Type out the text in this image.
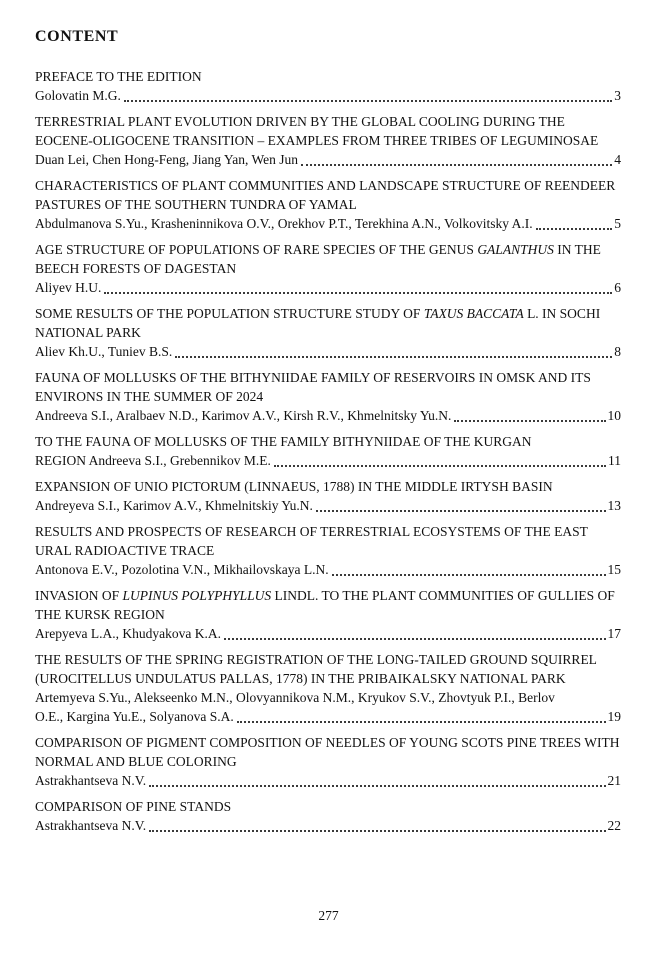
CONTENT
PREFACE TO THE EDITION
Golovatin M.G.	3
TERRESTRIAL PLANT EVOLUTION DRIVEN BY THE GLOBAL COOLING DURING THE EOCENE-OLIGOCENE TRANSITION – EXAMPLES FROM THREE TRIBES OF LEGUMINOSAE
Duan Lei, Chen Hong-Feng, Jiang Yan, Wen Jun	4
CHARACTERISTICS OF PLANT COMMUNITIES AND LANDSCAPE STRUCTURE OF REENDEER PASTURES OF THE SOUTHERN TUNDRA OF YAMAL
Abdulmanova S.Yu., Krasheninnikova O.V., Orekhov P.T., Terekhina A.N., Volkovitsky A.I.	5
AGE STRUCTURE OF POPULATIONS OF RARE SPECIES OF THE GENUS GALANTHUS IN THE BEECH FORESTS OF DAGESTAN
Aliyev H.U.	6
SOME RESULTS OF THE POPULATION STRUCTURE STUDY OF TAXUS BACCATA L. IN SOCHI NATIONAL PARK
Aliev Kh.U., Tuniev B.S.	8
FAUNA OF MOLLUSKS OF THE BITHYNIIDAE FAMILY OF RESERVOIRS IN OMSK AND ITS ENVIRONS IN THE SUMMER OF 2024
Andreeva S.I., Aralbaev N.D., Karimov A.V., Kirsh R.V., Khmelnitsky Yu.N.	10
TO THE FAUNA OF MOLLUSKS OF THE FAMILY BITHYNIIDAE OF THE KURGAN
REGION Andreeva S.I., Grebennikov M.E.	11
EXPANSION OF UNIO PICTORUM (LINNAEUS, 1788) IN THE MIDDLE IRTYSH BASIN
Andreyeva S.I., Karimov A.V., Khmelnitskiy Yu.N.	13
RESULTS AND PROSPECTS OF RESEARCH OF TERRESTRIAL ECOSYSTEMS OF THE EAST URAL RADIOACTIVE TRACE
Antonova E.V., Pozolotina V.N., Mikhailovskaya L.N.	15
INVASION OF LUPINUS POLYPHYLLUS LINDL. TO THE PLANT COMMUNITIES OF GULLIES OF THE KURSK REGION
Arepyeva L.A., Khudyakova K.A.	17
THE RESULTS OF THE SPRING REGISTRATION OF THE LONG-TAILED GROUND SQUIRREL (UROCITELLUS UNDULATUS PALLAS, 1778) IN THE PRIBAIKALSKY NATIONAL PARK
Artemyeva S.Yu., Alekseenko M.N., Olovyannikova N.M., Kryukov S.V., Zhovtyuk P.I., Berlov
O.E., Kargina Yu.E., Solyanova S.A.	19
COMPARISON OF PIGMENT COMPOSITION OF NEEDLES OF YOUNG SCOTS PINE TREES WITH NORMAL AND BLUE COLORING
Astrakhantseva N.V.	21
COMPARISON OF PINE STANDS
Astrakhantseva N.V.	22
277
